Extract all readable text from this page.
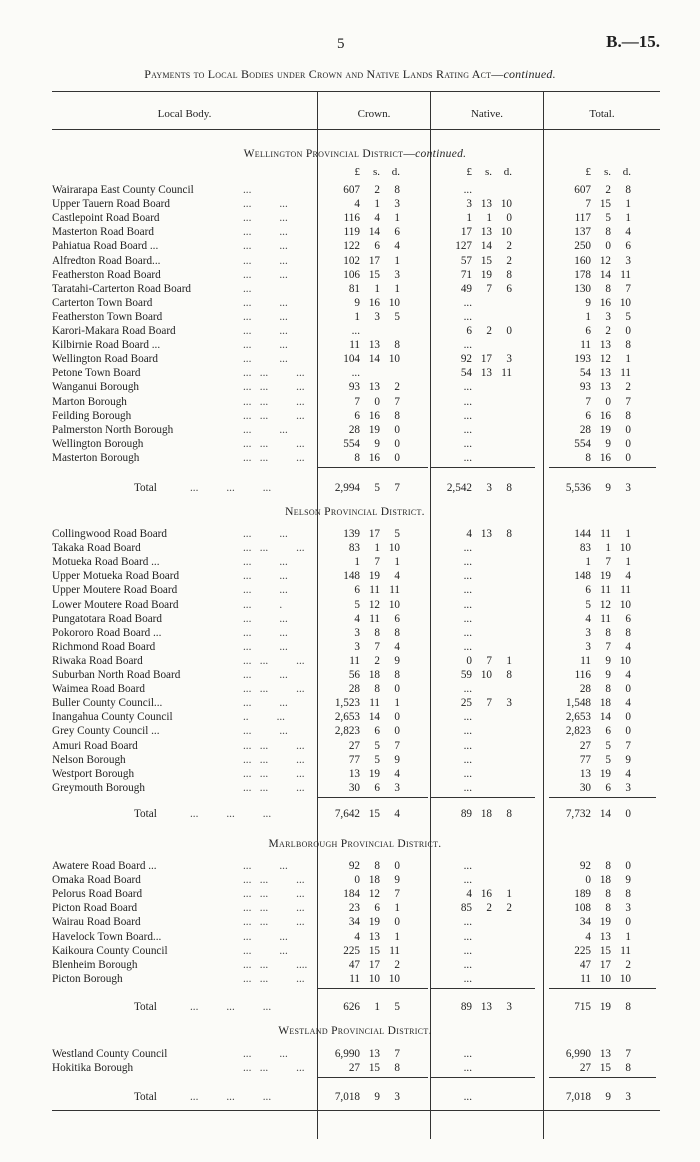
5	B.—15.
Payments to Local Bodies under Crown and Native Lands Rating Act—continued.
Local Body.	Crown.	Native.	Total.
Wellington Provincial District—continued.
£	s.	d.	£	s.	d.	£	s.	d.
Wairarapa East County Council	...	607	2	8	...	607	2	8
Upper Tauern Road Board	...          ...	4	1	3	3 13 10	7 15	1
Castlepoint Road Board	...          ...	116	4	1	1	1	0	117	5	1
Masterton Road Board	...          ...	119 14	6	17 13 10	137	8	4
Pahiatua Road Board ...	...          ...	122	6	4	127 14	2	250	0	6
Alfredton Road Board...	...          ...	102 17	1	57 15	2	160 12	3
Featherston Road Board	...          ...	106 15	3	71 19	8	178 14 11
Taratahi-Carterton Road Board	...	81	1	1	49	7	6	130	8	7
Carterton Town Board	...          ...	9 16 10	...	9 16 10
Featherston Town Board	...          ...	1	3	5	...	1	3	5
Karori-Makara Road Board	...          ...	...	6	2	0	6	2	0
Kilbirnie Road Board ...	...          ...	11 13	8	...	11 13	8
Wellington Road Board	...          ...	104 14 10	92 17	3	193 12	1
Petone Town Board	...   ...          ...	...	54 13 11	54 13 11
Wanganui Borough	...   ...          ...	93 13	2	...	93 13	2
Marton Borough	...   ...          ...	7	0	7	...	7	0	7
Feilding Borough	...   ...          ...	6 16	8	...	6 16	8
Palmerston North Borough	...          ...	28 19	0	...	28 19	0
Wellington Borough	...   ...          ...	554	9	0	...	554	9	0
Masterton Borough	...   ...          ...	8 16	0	...	8 16	0
Total	...          ...          ...	2,994	5	7	2,542	3	8	5,536	9	3
Nelson Provincial District.
Collingwood Road Board	...          ...	139 17	5	4 13	8	144 11	1
Takaka Road Board	...   ...          ...	83	1 10	...	83	1 10
Motueka Road Board ...	...          ...	1	7	1	...	1	7	1
Upper Motueka Road Board	...          ...	148 19	4	...	148 19	4
Upper Moutere Road Board	...          ...	6 11 11	...	6 11 11
Lower Moutere Road Board	...          .	5 12 10	...	5 12 10
Pungatotara Road Board	...          ...	4 11	6	...	4 11	6
Pokororo Road Board ...	...          ...	3	8	8	...	3	8	8
Richmond Road Board	...          ...	3	7	4	...	3	7	4
Riwaka Road Board	...   ...          ...	11	2	9	0	7	1	11	9 10
Suburban North Road Board	...          ...	56 18	8	59 10	8	116	9	4
Waimea Road Board	...   ...          ...	28	8	0	...	28	8	0
Buller County Council...	...          ...	1,523 11	1	25	7	3	1,548 18	4
Inangahua County Council	..          ...	2,653 14	0	...	2,653 14	0
Grey County Council ...	...          ...	2,823	6	0	...	2,823	6	0
Amuri Road Board	...   ...          ...	27	5	7	...	27	5	7
Nelson Borough	...   ...          ...	77	5	9	...	77	5	9
Westport Borough	...   ...          ...	13 19	4	...	13 19	4
Greymouth Borough	...   ...          ...	30	6	3	...	30	6	3
Total	...          ...          ...	7,642 15	4	89 18	8	7,732 14	0
Marlborough Provincial District.
Awatere Road Board ...	...          ...	92	8	0	...	92	8	0
Omaka Road Board	...   ...          ...	0 18	9	...	0 18	9
Pelorus Road Board	...   ...          ...	184 12	7	4 16	1	189	8	8
Picton Road Board	...   ...          ...	23	6	1	85	2	2	108	8	3
Wairau Road Board	...   ...          ...	34 19	0	...	34 19	0
Havelock Town Board...	...          ...	4 13	1	...	4 13	1
Kaikoura County Council	...          ...	225 15 11	...	225 15 11
Blenheim Borough	...   ...          ....	47 17	2	...	47 17	2
Picton Borough	...   ...          ...	11 10 10	...	11 10 10
Total	...          ...          ...	626	1	5	89 13	3	715 19	8
Westland Provincial District.
Westland County Council	...          ...	6,990 13	7	...	6,990 13	7
Hokitika Borough	...   ...          ...	27 15	8	...	27 15	8
Total	...          ...          ...	7,018	9	3	...	7,018	9	3
